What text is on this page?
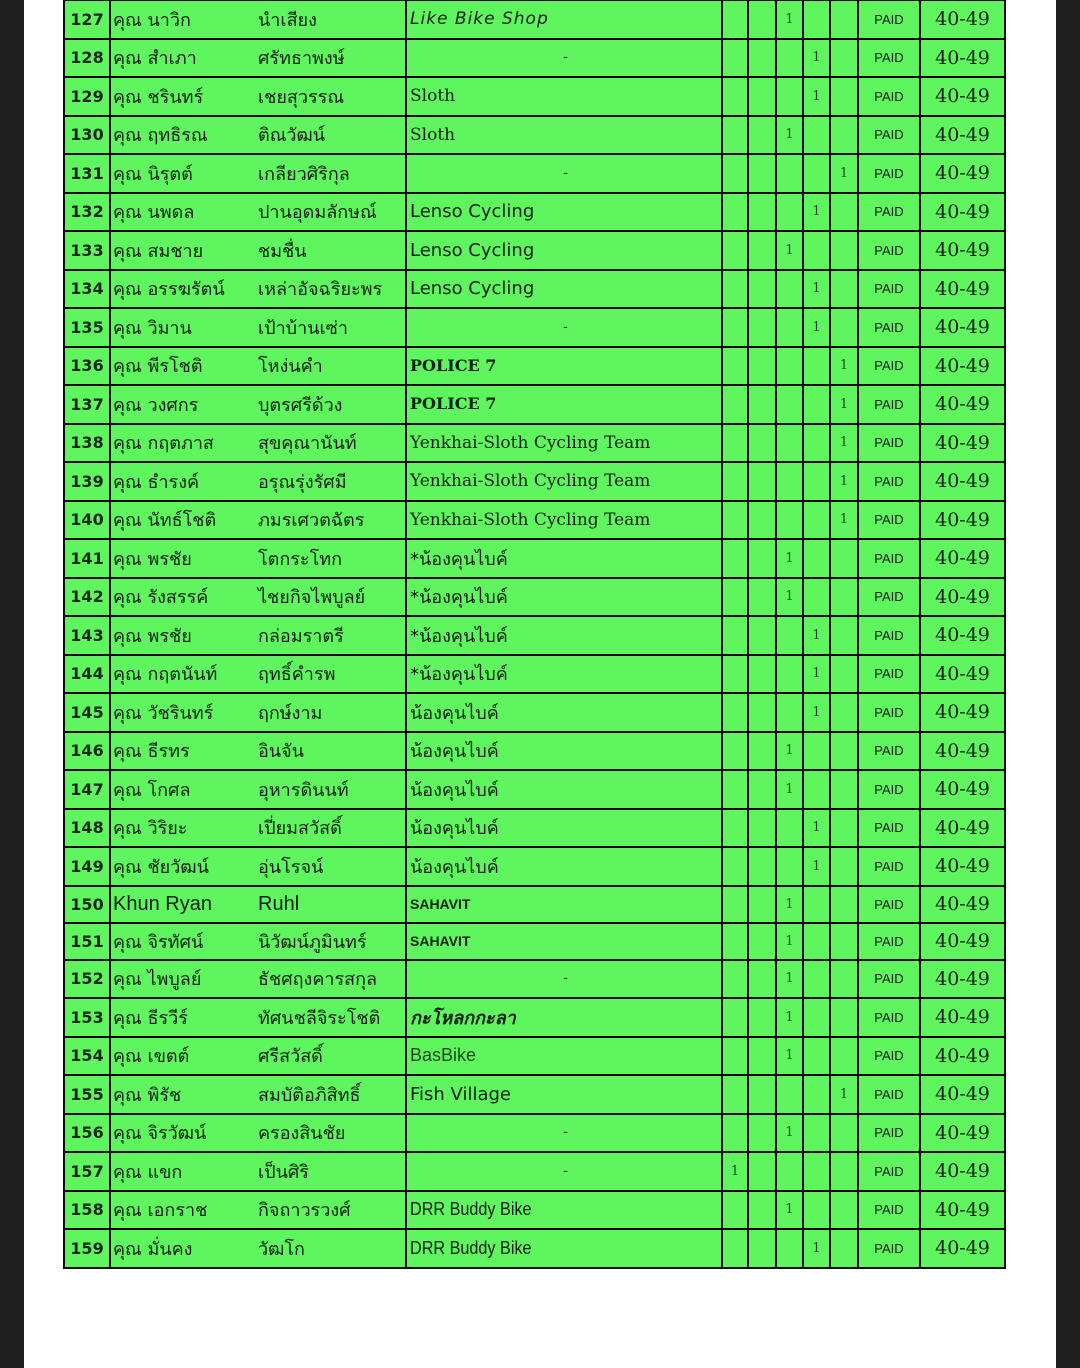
127	คุณ นาวิก นำเสียง	Like Bike Shop			1			PAID	40-49
128	คุณ สำเภา ศรัทธาพงษ์	-				1		PAID	40-49
129	คุณ ชรินทร์ เชยสุวรรณ	Sloth				1		PAID	40-49
130	คุณ ฤทธิรณ ติณวัฒน์	Sloth			1			PAID	40-49
131	คุณ นิรุตต์ เกลียวศิริกุล	-					1	PAID	40-49
132	คุณ นพดล ปานอุดมลักษณ์	Lenso Cycling				1		PAID	40-49
133	คุณ สมชาย ชมชื่น	Lenso Cycling			1			PAID	40-49
134	คุณ อรรฆรัตน์ เหล่าอัจฉริยะพร	Lenso Cycling				1		PAID	40-49
135	คุณ วิมาน เป้าบ้านเซ่า	-				1		PAID	40-49
136	คุณ พีรโชติ โหง่นคำ	POLICE 7					1	PAID	40-49
137	คุณ วงศกร บุตรศรีด้วง	POLICE 7					1	PAID	40-49
138	คุณ กฤตภาส สุขคุณานันท์	Yenkhai-Sloth Cycling Team					1	PAID	40-49
139	คุณ ธำรงค์ อรุณรุ่งรัศมี	Yenkhai-Sloth Cycling Team					1	PAID	40-49
140	คุณ นัทธ์โชติ ภมรเศวตฉัตร	Yenkhai-Sloth Cycling Team					1	PAID	40-49
141	คุณ พรชัย โตกระโทก	*น้องคุนไบค์			1			PAID	40-49
142	คุณ รังสรรค์ ไชยกิจไพบูลย์	*น้องคุนไบค์			1			PAID	40-49
143	คุณ พรชัย กล่อมราตรี	*น้องคุนไบค์				1		PAID	40-49
144	คุณ กฤตนันท์ ฤทธิ์คำรพ	*น้องคุนไบค์				1		PAID	40-49
145	คุณ วัชรินทร์ ฤกษ์งาม	น้องคุนไบค์				1		PAID	40-49
146	คุณ ธีรทร อินจัน	น้องคุนไบค์			1			PAID	40-49
147	คุณ โกศล อุหารดินนท์	น้องคุนไบค์			1			PAID	40-49
148	คุณ วิริยะ เปี่ยมสวัสดิ์	น้องคุนไบค์				1		PAID	40-49
149	คุณ ชัยวัฒน์ อุ่นโรจน์	น้องคุนไบค์				1		PAID	40-49
150	Khun Ryan Ruhl	SAHAVIT			1			PAID	40-49
151	คุณ จิรทัศน์ นิวัฒน์ภูมินทร์	SAHAVIT			1			PAID	40-49
152	คุณ ไพบูลย์ ธัชศฤงคารสกุล	-			1			PAID	40-49
153	คุณ ธีรวีร์ ทัศนชลีจิระโชติ	กะโหลกกะลา			1			PAID	40-49
154	คุณ เขตต์ ศรีสวัสดิ์	BasBike			1			PAID	40-49
155	คุณ พิรัช สมบัติอภิสิทธิ์	Fish Village					1	PAID	40-49
156	คุณ จิรวัฒน์ ครองสินชัย	-			1			PAID	40-49
157	คุณ แขก เป็นศิริ	-	1					PAID	40-49
158	คุณ เอกราช กิจถาวรวงศ์	DRR Buddy Bike			1			PAID	40-49
159	คุณ มั่นคง วัฒโก	DRR Buddy Bike				1		PAID	40-49
